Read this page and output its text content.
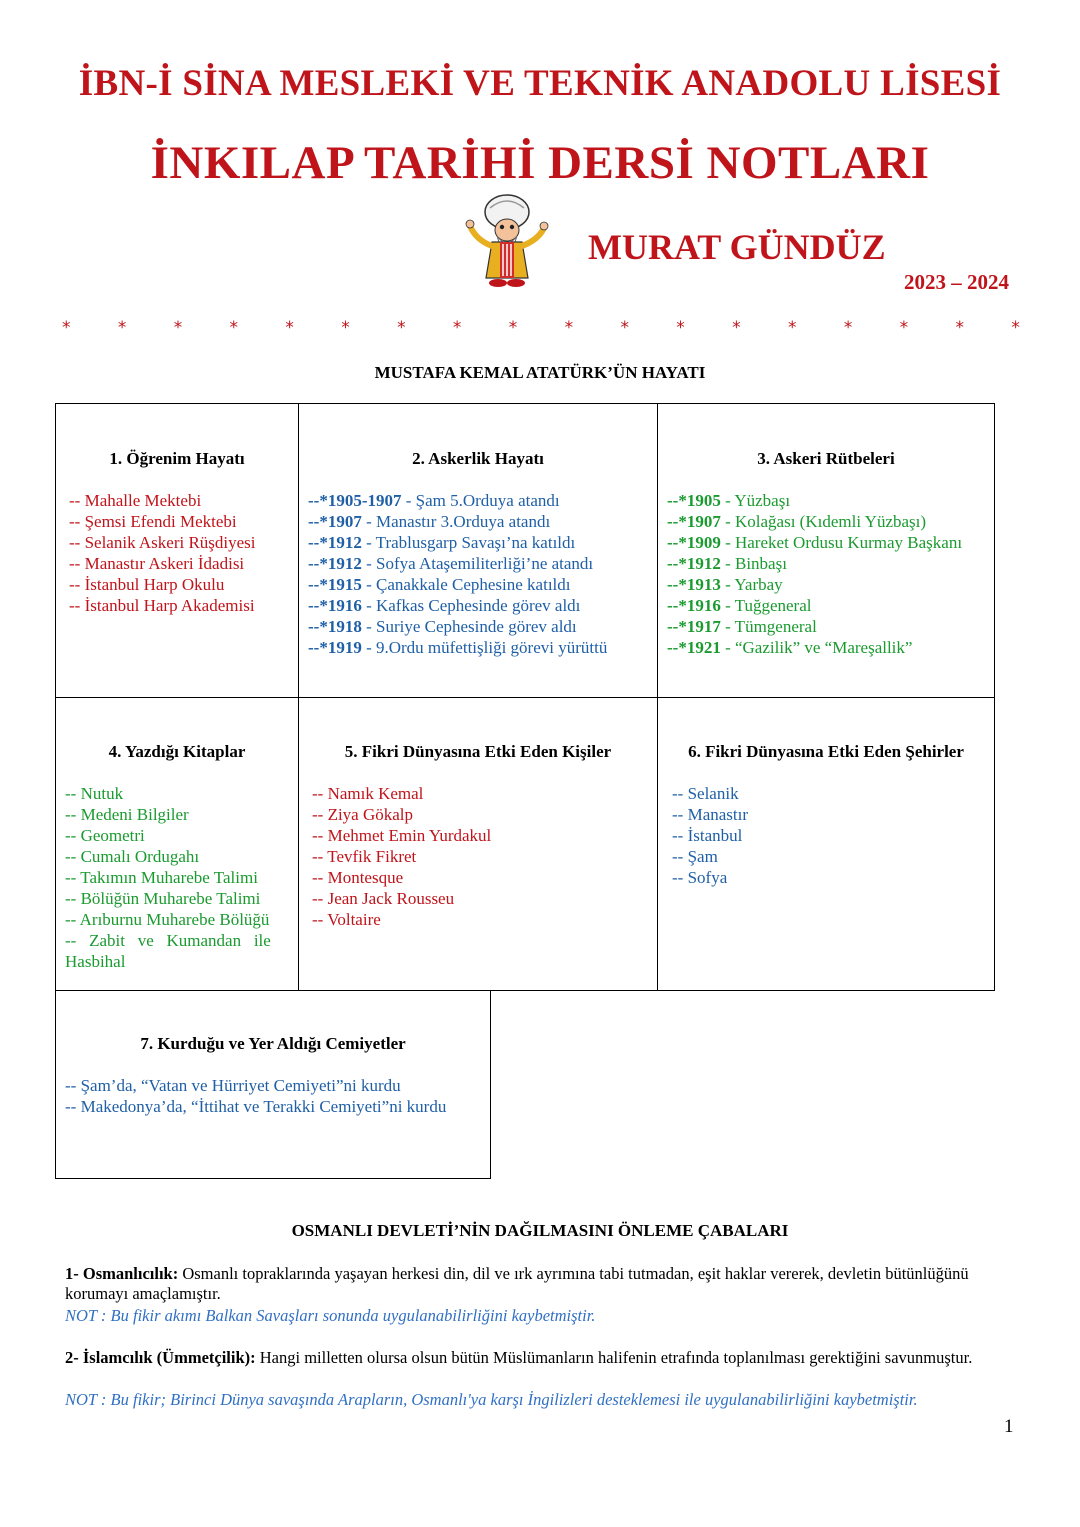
İBN-İ SİNA MESLEKİ VE TEKNİK ANADOLU LİSESİ
İNKILAP TARİHİ DERSİ NOTLARI
MURAT GÜNDÜZ
2023 – 2024
*	*	*	*	*	*	*	*	*	*	*	*	*	*	*	*	*	*
MUSTAFA KEMAL ATATÜRK’ÜN HAYATI
1. Öğrenim Hayatı
-- Mahalle Mektebi
-- Şemsi Efendi Mektebi
-- Selanik Askeri Rüşdiyesi
-- Manastır Askeri İdadisi
-- İstanbul Harp Okulu
-- İstanbul Harp Akademisi
2. Askerlik Hayatı
--*1905-1907 - Şam 5.Orduya atandı
--*1907 - Manastır 3.Orduya atandı
--*1912 - Trablusgarp Savaşı’na katıldı
--*1912 - Sofya Ataşemiliterliği’ne atandı
--*1915 - Çanakkale Cephesine katıldı
--*1916 - Kafkas Cephesinde görev aldı
--*1918 - Suriye Cephesinde görev aldı
--*1919 - 9.Ordu müfettişliği görevi yürüttü
3. Askeri Rütbeleri
--*1905 - Yüzbaşı
--*1907 - Kolağası (Kıdemli Yüzbaşı)
--*1909 - Hareket Ordusu Kurmay Başkanı
--*1912 - Binbaşı
--*1913 - Yarbay
--*1916 - Tuğgeneral
--*1917 - Tümgeneral
--*1921 - “Gazilik” ve “Mareşallik”
4. Yazdığı Kitaplar
-- Nutuk
-- Medeni Bilgiler
-- Geometri
-- Cumalı Ordugahı
-- Takımın Muharebe Talimi
-- Bölüğün Muharebe Talimi
-- Arıburnu Muharebe Bölüğü
--   Zabit   ve   Kumandan   ile
Hasbihal
5. Fikri Dünyasına Etki Eden Kişiler
-- Namık Kemal
-- Ziya Gökalp
-- Mehmet Emin Yurdakul
-- Tevfik Fikret
-- Montesque
-- Jean Jack Rousseu
-- Voltaire
6. Fikri Dünyasına Etki Eden Şehirler
-- Selanik
-- Manastır
-- İstanbul
-- Şam
-- Sofya
7. Kurduğu ve Yer Aldığı Cemiyetler
-- Şam’da, “Vatan ve Hürriyet Cemiyeti”ni kurdu
-- Makedonya’da, “İttihat ve Terakki Cemiyeti”ni kurdu
OSMANLI DEVLETİ’NİN DAĞILMASINI ÖNLEME ÇABALARI
1- Osmanlıcılık: Osmanlı topraklarında yaşayan herkesi din, dil ve ırk ayrımına tabi tutmadan, eşit haklar vererek, devletin bütünlüğünü korumayı amaçlamıştır.
NOT : Bu fikir akımı Balkan Savaşları sonunda uygulanabilirliğini kaybetmiştir.
2- İslamcılık (Ümmetçilik): Hangi milletten olursa olsun bütün Müslümanların halifenin etrafında toplanılması gerektiğini savunmuştur.
NOT : Bu fikir; Birinci Dünya savaşında Arapların, Osmanlı'ya karşı İngilizleri desteklemesi ile uygulanabilirliğini kaybetmiştir.
1
